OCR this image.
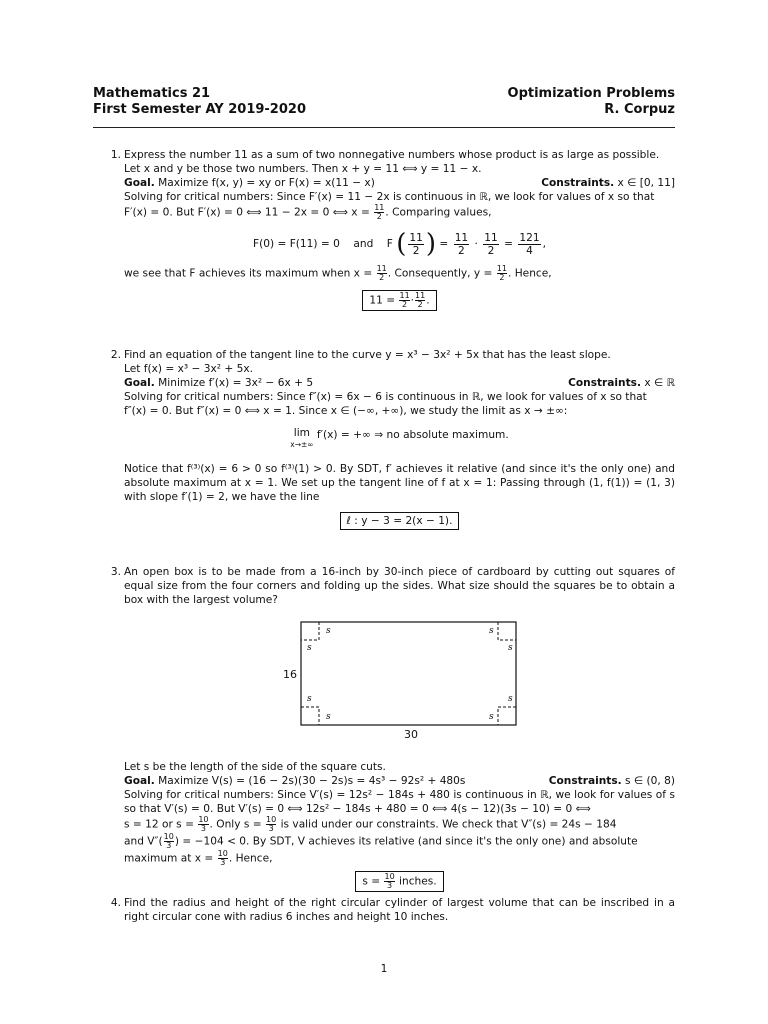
Mathematics 21	Optimization Problems
First Semester AY 2019-2020	R. Corpuz
1. Express the number 11 as a sum of two nonnegative numbers whose product is as large as possible.
Let x and y be those two numbers. Then x + y = 11 ⟺ y = 11 − x.
Goal. Maximize f(x, y) = xy or F(x) = x(11 − x)	Constraints. x ∈ [0, 11]
Solving for critical numbers: Since F′(x) = 11 − 2x is continuous in ℝ, we look for values of x so that
F′(x) = 0. But F′(x) = 0 ⟺ 11 − 2x = 0 ⟺ $x = \frac{11}{2}$ . Comparing values,
F(0) = F(11) = 0 and F ( $\frac{11}{2}$ ) = $\frac{11}{2} \cdot \frac{11}{2} = \frac{121}{4}$ ,
we see that F achieves its maximum when $x = \frac{11}{2}$ . Consequently, $y = \frac{11}{2}$ . Hence,
$11 = \frac{11}{2} \cdot \frac{11}{2}$ .
2. Find an equation of the tangent line to the curve y = x³ − 3x² + 5x that has the least slope.
Let f(x) = x³ − 3x² + 5x.
Goal. Minimize f′(x) = 3x² − 6x + 5	Constraints. x ∈ ℝ
Solving for critical numbers: Since f″(x) = 6x − 6 is continuous in ℝ, we look for values of x so that
f″(x) = 0. But f″(x) = 0 ⟺ x = 1. Since x ∈ (−∞, +∞), we study the limit as x → ±∞:
lim
x→±∞
f′(x) = +∞ ⇒ no absolute maximum.
Notice that f⁽³⁾(x) = 6 > 0 so f⁽³⁾(1) > 0. By SDT, f′ achieves it relative (and since it's the only one) and absolute maximum at x = 1. We set up the tangent line of f at x = 1: Passing through (1, f(1)) = (1, 3) with slope f′(1) = 2, we have the line
ℓ : y − 3 = 2(x − 1).
3. An open box is to be made from a 16-inch by 30-inch piece of cardboard by cutting out squares of equal size from the four corners and folding up the sides. What size should the squares be to obtain a box with the largest volume?
s	s
s	s
s	s
s	s
16
30
Let s be the length of the side of the square cuts.
Goal. Maximize V(s) = (16 − 2s)(30 − 2s)s = 4s³ − 92s² + 480s	Constraints. s ∈ (0, 8)
Solving for critical numbers: Since V′(s) = 12s² − 184s + 480 is continuous in ℝ, we look for values of s so that V′(s) = 0. But V′(s) = 0 ⟺ 12s² − 184s + 480 = 0 ⟺ 4(s − 12)(3s − 10) = 0 ⟺
s = 12 or $s = \frac{10}{3}$ . Only $s = \frac{10}{3}$ is valid under our constraints. We check that V″(s) = 24s − 184
and $V''( \frac{10}{3}$ ) = −104 < 0. By SDT, V achieves its relative (and since it's the only one) and absolute
maximum at $x = \frac{10}{3}$ . Hence,
$s = \frac{10}{3}$ inches.
4. Find the radius and height of the right circular cylinder of largest volume that can be inscribed in a right circular cone with radius 6 inches and height 10 inches.
1
